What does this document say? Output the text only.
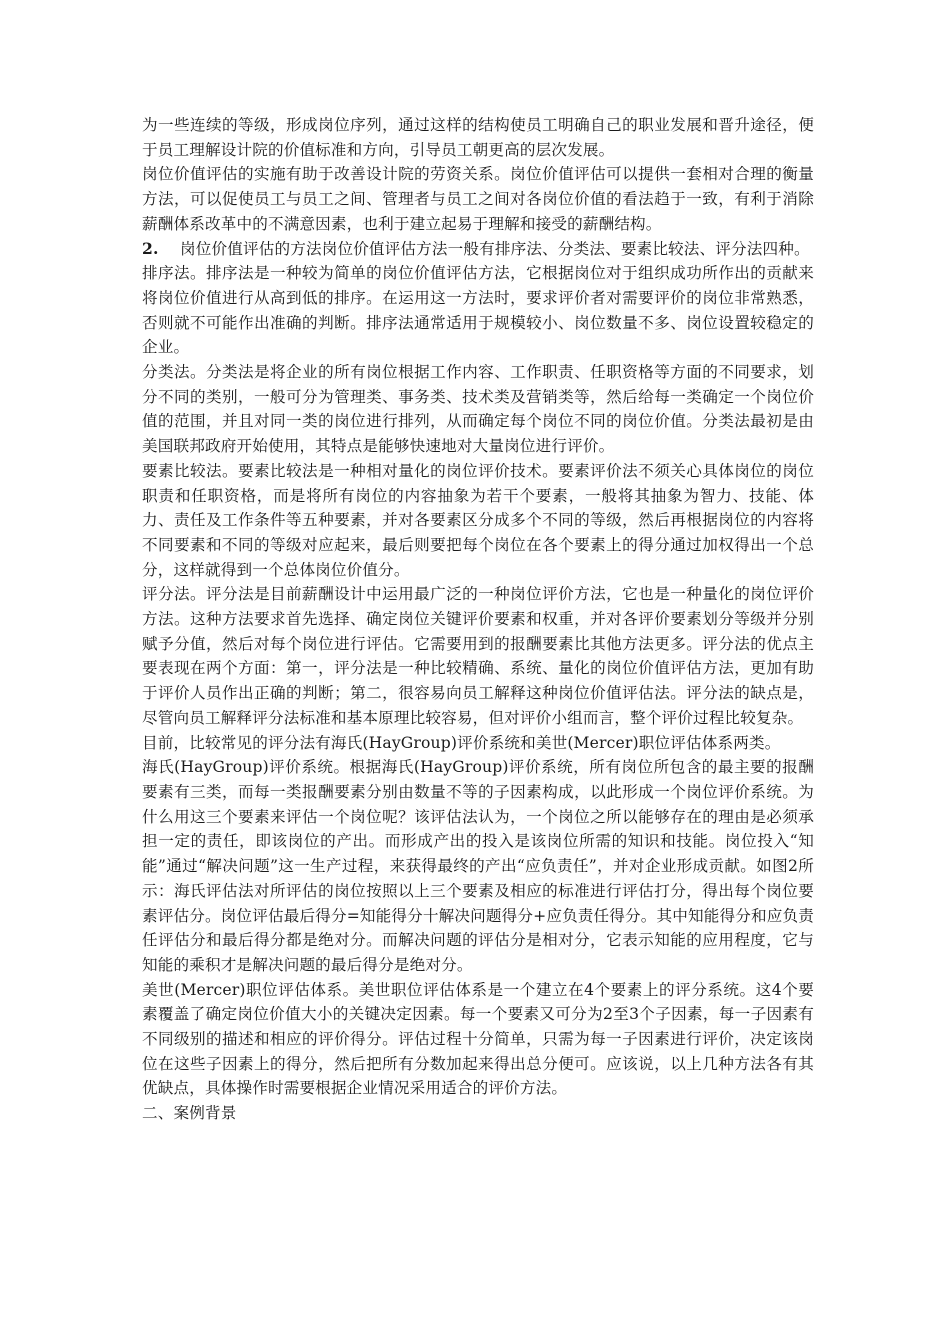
为一些连续的等级，形成岗位序列，通过这样的结构使员工明确自己的职业发展和晋升途径，便于员工理解设计院的价值标准和方向，引导员工朝更高的层次发展。

岗位价值评估的实施有助于改善设计院的劳资关系。岗位价值评估可以提供一套相对合理的衡量方法，可以促使员工与员工之间、管理者与员工之间对各岗位价值的看法趋于一致，有利于消除薪酬体系改革中的不满意因素，也利于建立起易于理解和接受的薪酬结构。

2. 岗位价值评估的方法岗位价值评估方法一般有排序法、分类法、要素比较法、评分法四种。

排序法。排序法是一种较为简单的岗位价值评估方法，它根据岗位对于组织成功所作出的贡献来将岗位价值进行从高到低的排序。在运用这一方法时，要求评价者对需要评价的岗位非常熟悉，否则就不可能作出准确的判断。排序法通常适用于规模较小、岗位数量不多、岗位设置较稳定的企业。

分类法。分类法是将企业的所有岗位根据工作内容、工作职责、任职资格等方面的不同要求，划分不同的类别，一般可分为管理类、事务类、技术类及营销类等，然后给每一类确定一个岗位价值的范围，并且对同一类的岗位进行排列，从而确定每个岗位不同的岗位价值。分类法最初是由美国联邦政府开始使用，其特点是能够快速地对大量岗位进行评价。

要素比较法。要素比较法是一种相对量化的岗位评价技术。要素评价法不须关心具体岗位的岗位职责和任职资格，而是将所有岗位的内容抽象为若干个要素，一般将其抽象为智力、技能、体力、责任及工作条件等五种要素，并对各要素区分成多个不同的等级，然后再根据岗位的内容将不同要素和不同的等级对应起来，最后则要把每个岗位在各个要素上的得分通过加权得出一个总分，这样就得到一个总体岗位价值分。

评分法。评分法是目前薪酬设计中运用最广泛的一种岗位评价方法，它也是一种量化的岗位评价方法。这种方法要求首先选择、确定岗位关键评价要素和权重，并对各评价要素划分等级并分别赋予分值，然后对每个岗位进行评估。它需要用到的报酬要素比其他方法更多。评分法的优点主要表现在两个方面：第一，评分法是一种比较精确、系统、量化的岗位价值评估方法，更加有助于评价人员作出正确的判断；第二，很容易向员工解释这种岗位价值评估法。评分法的缺点是，尽管向员工解释评分法标准和基本原理比较容易，但对评价小组而言，整个评价过程比较复杂。

目前，比较常见的评分法有海氏(HayGroup)评价系统和美世(Mercer)职位评估体系两类。

海氏(HayGroup)评价系统。根据海氏(HayGroup)评价系统，所有岗位所包含的最主要的报酬要素有三类，而每一类报酬要素分别由数量不等的子因素构成，以此形成一个岗位评价系统。为什么用这三个要素来评估一个岗位呢？该评估法认为，一个岗位之所以能够存在的理由是必须承担一定的责任，即该岗位的产出。而形成产出的投入是该岗位所需的知识和技能。岗位投入“知能”通过“解决问题”这一生产过程，来获得最终的产出“应负责任”，并对企业形成贡献。如图2所示：海氏评估法对所评估的岗位按照以上三个要素及相应的标准进行评估打分，得出每个岗位要素评估分。岗位评估最后得分=知能得分十解决问题得分+应负责任得分。其中知能得分和应负责任评估分和最后得分都是绝对分。而解决问题的评估分是相对分，它表示知能的应用程度，它与知能的乘积才是解决问题的最后得分是绝对分。

美世(Mercer)职位评估体系。美世职位评估体系是一个建立在4个要素上的评分系统。这4个要素覆盖了确定岗位价值大小的关键决定因素。每一个要素又可分为2至3个子因素，每一子因素有不同级别的描述和相应的评价得分。评估过程十分简单，只需为每一子因素进行评价，决定该岗位在这些子因素上的得分，然后把所有分数加起来得出总分便可。应该说，以上几种方法各有其优缺点，具体操作时需要根据企业情况采用适合的评价方法。

二、案例背景
